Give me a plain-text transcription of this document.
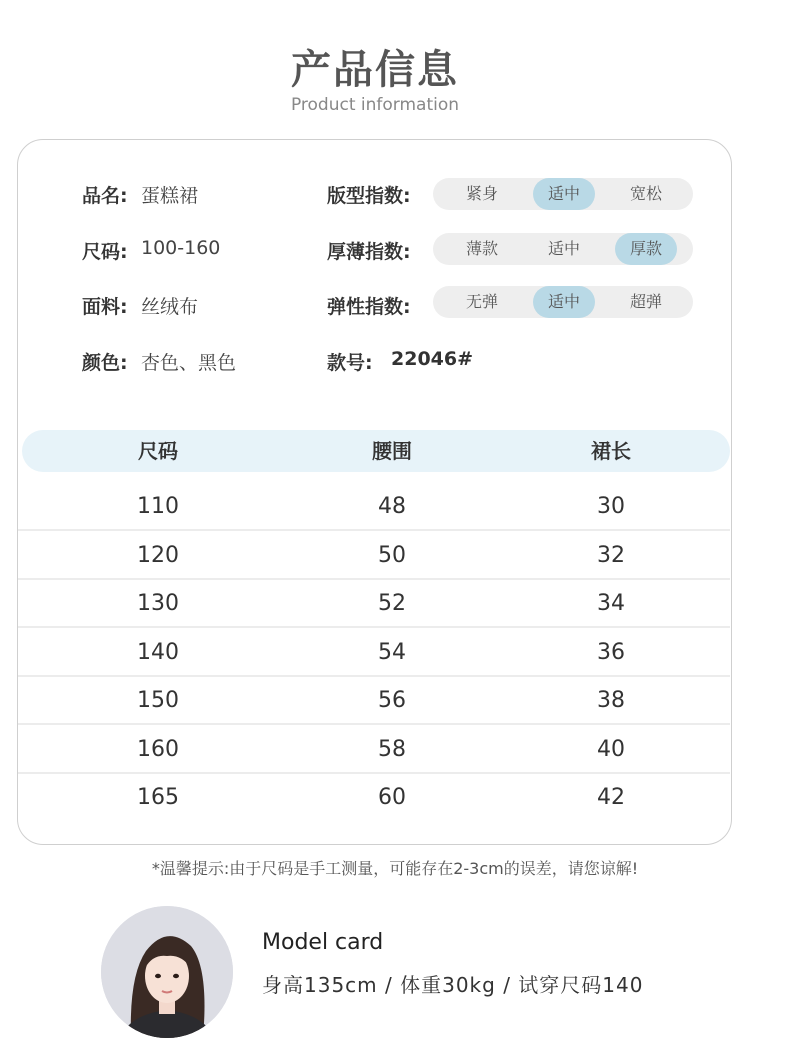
产品信息
Product information
品名: 蛋糕裙
尺码: 100-160
面料: 丝绒布
颜色: 杏色、黑色	款号: 22046#
版型指数:	紧身	适中	宽松
厚薄指数:	薄款	适中	厚款
弹性指数:	无弹	适中	超弹
尺码	腰围	裙长
110	48	30
120	50	32
130	52	34
140	54	36
150	56	38
160	58	40
165	60	42
*温馨提示:由于尺码是手工测量，可能存在2-3cm的误差，请您谅解!
Model card
身高135cm / 体重30kg / 试穿尺码140
